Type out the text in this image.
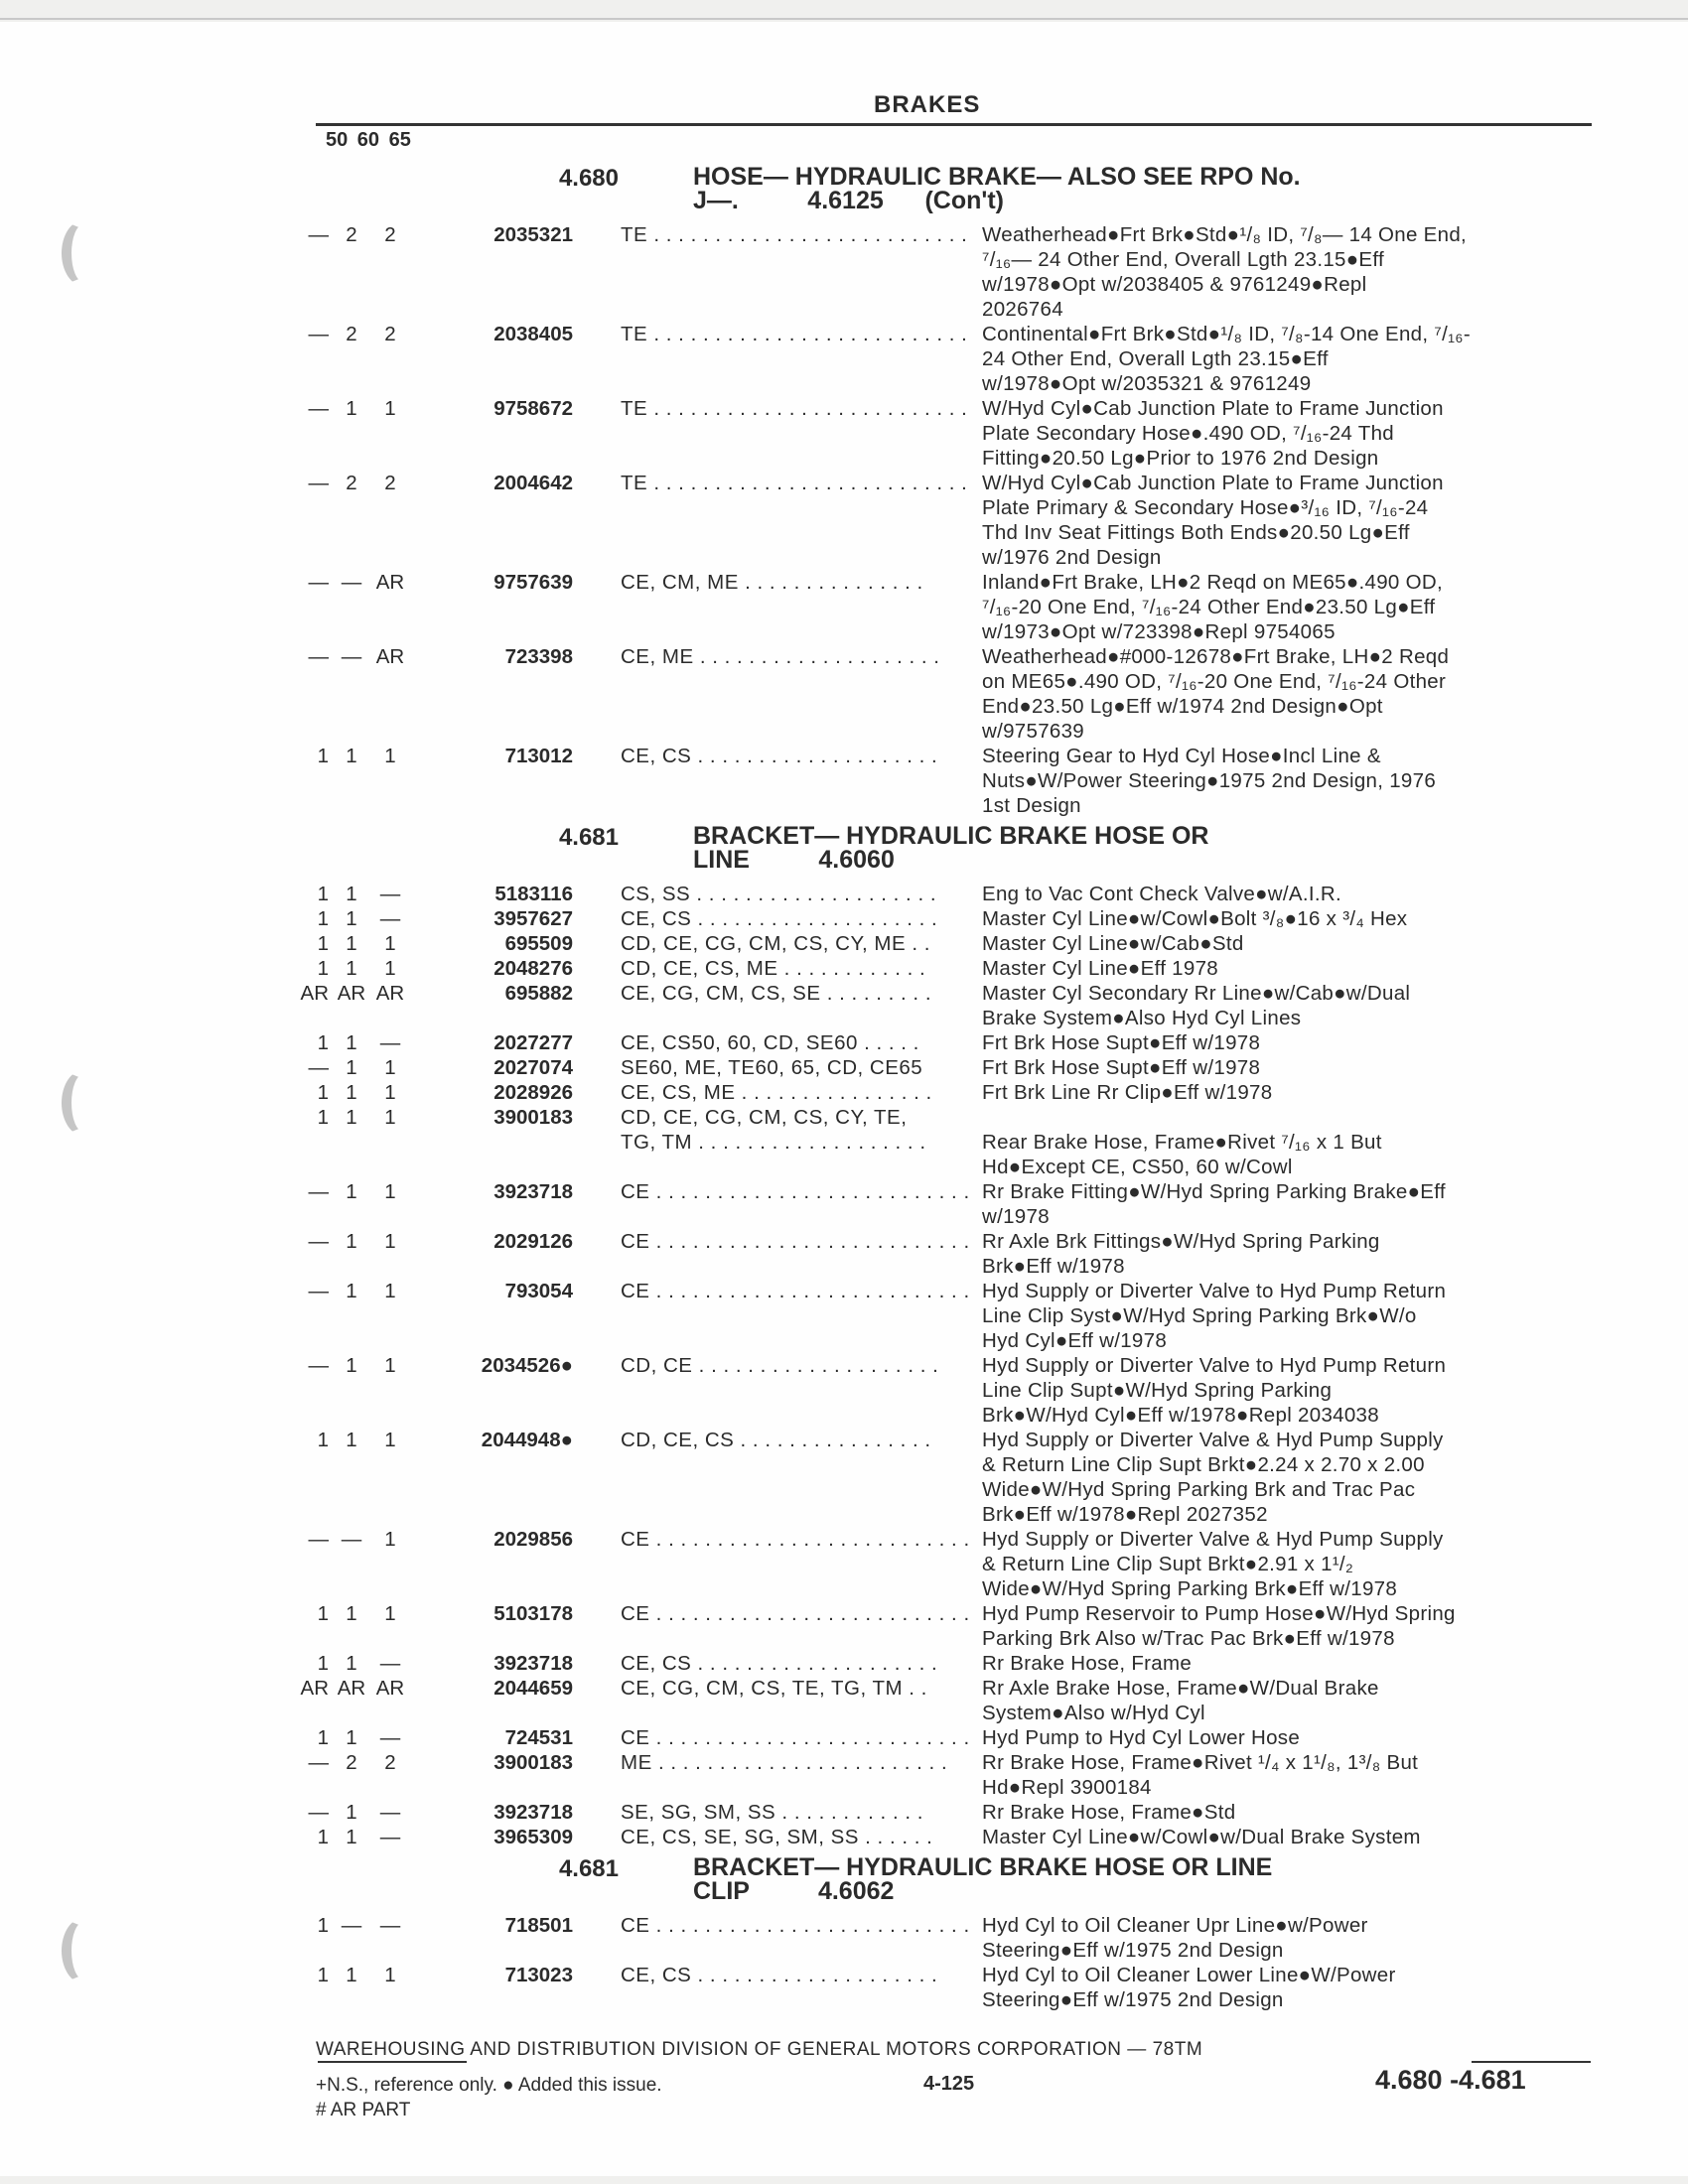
BRAKES
50 60 65
4.680	HOSE— HYDRAULIC BRAKE— ALSO SEE RPO No.
J—.          4.6125      (Con't)
— 2	2	2035321	TE . . . . . . . . . . . . . . . . . . . . . . . . . . Weatherhead●Frt Brk●Std●¹/₈ ID, ⁷/₈— 14 One End,
⁷/₁₆— 24 Other End, Overall Lgth 23.15●Eff
w/1978●Opt w/2038405 & 9761249●Repl
2026764
— 2	2	2038405	TE . . . . . . . . . . . . . . . . . . . . . . . . . . Continental●Frt Brk●Std●¹/₈ ID, ⁷/₈-14 One End, ⁷/₁₆-
24 Other End, Overall Lgth 23.15●Eff
w/1978●Opt w/2035321 & 9761249
— 1	1	9758672	TE . . . . . . . . . . . . . . . . . . . . . . . . . . W/Hyd Cyl●Cab Junction Plate to Frame Junction
Plate Secondary Hose●.490 OD, ⁷/₁₆-24 Thd
Fitting●20.50 Lg●Prior to 1976 2nd Design
— 2	2	2004642	TE . . . . . . . . . . . . . . . . . . . . . . . . . . W/Hyd Cyl●Cab Junction Plate to Frame Junction
Plate Primary & Secondary Hose●³/₁₆ ID, ⁷/₁₆-24
Thd Inv Seat Fittings Both Ends●20.50 Lg●Eff
w/1976 2nd Design
— — AR	9757639	CE, CM, ME . . . . . . . . . . . . . . .	Inland●Frt Brake, LH●2 Reqd on ME65●.490 OD,
⁷/₁₆-20 One End, ⁷/₁₆-24 Other End●23.50 Lg●Eff
w/1973●Opt w/723398●Repl 9754065
— — AR	723398	CE, ME . . . . . . . . . . . . . . . . . . . .	Weatherhead●#000-12678●Frt Brake, LH●2 Reqd
on ME65●.490 OD, ⁷/₁₆-20 One End, ⁷/₁₆-24 Other
End●23.50 Lg●Eff w/1974 2nd Design●Opt
w/9757639
1 1	1	713012	CE, CS . . . . . . . . . . . . . . . . . . . .	Steering Gear to Hyd Cyl Hose●Incl Line &
Nuts●W/Power Steering●1975 2nd Design, 1976
1st Design
4.681	BRACKET— HYDRAULIC BRAKE HOSE OR
LINE          4.6060
1 1	—	5183116	CS, SS . . . . . . . . . . . . . . . . . . . .	Eng to Vac Cont Check Valve●w/A.I.R.
1 1	—	3957627	CE, CS . . . . . . . . . . . . . . . . . . . .	Master Cyl Line●w/Cowl●Bolt ³/₈●16 x ³/₄ Hex
1 1	1	695509	CD, CE, CG, CM, CS, CY, ME . .	Master Cyl Line●w/Cab●Std
1 1	1	2048276	CD, CE, CS, ME . . . . . . . . . . . .	Master Cyl Line●Eff 1978
AR AR AR	695882	CE, CG, CM, CS, SE . . . . . . . . .	Master Cyl Secondary Rr Line●w/Cab●w/Dual
Brake System●Also Hyd Cyl Lines
1 1	—	2027277	CE, CS50, 60, CD, SE60 . . . . .	Frt Brk Hose Supt●Eff w/1978
— 1	1	2027074	SE60, ME, TE60, 65, CD, CE65	Frt Brk Hose Supt●Eff w/1978
1 1	1	2028926	CE, CS, ME . . . . . . . . . . . . . . . .	Frt Brk Line Rr Clip●Eff w/1978
1 1	1	3900183	CD, CE, CG, CM, CS, CY, TE,
TG, TM . . . . . . . . . . . . . . . . . . .	Rear Brake Hose, Frame●Rivet ⁷/₁₆ x 1 But
Hd●Except CE, CS50, 60 w/Cowl
— 1	1	3923718	CE . . . . . . . . . . . . . . . . . . . . . . . . . . Rr Brake Fitting●W/Hyd Spring Parking Brake●Eff
w/1978
— 1	1	2029126	CE . . . . . . . . . . . . . . . . . . . . . . . . . . Rr Axle Brk Fittings●W/Hyd Spring Parking
Brk●Eff w/1978
— 1	1	793054	CE . . . . . . . . . . . . . . . . . . . . . . . . . . Hyd Supply or Diverter Valve to Hyd Pump Return
Line Clip Syst●W/Hyd Spring Parking Brk●W/o
Hyd Cyl●Eff w/1978
— 1	1	2034526●	CD, CE . . . . . . . . . . . . . . . . . . . .	Hyd Supply or Diverter Valve to Hyd Pump Return
Line Clip Supt●W/Hyd Spring Parking
Brk●W/Hyd Cyl●Eff w/1978●Repl 2034038
1 1	1	2044948●	CD, CE, CS . . . . . . . . . . . . . . . .	Hyd Supply or Diverter Valve & Hyd Pump Supply
& Return Line Clip Supt Brkt●2.24 x 2.70 x 2.00
Wide●W/Hyd Spring Parking Brk and Trac Pac
Brk●Eff w/1978●Repl 2027352
— —	1	2029856	CE . . . . . . . . . . . . . . . . . . . . . . . . . . Hyd Supply or Diverter Valve & Hyd Pump Supply
& Return Line Clip Supt Brkt●2.91 x 1¹/₂
Wide●W/Hyd Spring Parking Brk●Eff w/1978
1 1	1	5103178	CE . . . . . . . . . . . . . . . . . . . . . . . . . . Hyd Pump Reservoir to Pump Hose●W/Hyd Spring
Parking Brk Also w/Trac Pac Brk●Eff w/1978
1 1	—	3923718	CE, CS . . . . . . . . . . . . . . . . . . . .	Rr Brake Hose, Frame
AR AR AR	2044659	CE, CG, CM, CS, TE, TG, TM . .	Rr Axle Brake Hose, Frame●W/Dual Brake
System●Also w/Hyd Cyl
1 1	—	724531	CE . . . . . . . . . . . . . . . . . . . . . . . . . . Hyd Pump to Hyd Cyl Lower Hose
— 2	2	3900183	ME . . . . . . . . . . . . . . . . . . . . . . . .	Rr Brake Hose, Frame●Rivet ¹/₄ x 1¹/₈, 1³/₈ But
Hd●Repl 3900184
— 1	—	3923718	SE, SG, SM, SS . . . . . . . . . . . .	Rr Brake Hose, Frame●Std
1 1	—	3965309	CE, CS, SE, SG, SM, SS . . . . . .	Master Cyl Line●w/Cowl●w/Dual Brake System
4.681	BRACKET— HYDRAULIC BRAKE HOSE OR LINE
CLIP          4.6062
1 — —	718501	CE . . . . . . . . . . . . . . . . . . . . . . . . . . Hyd Cyl to Oil Cleaner Upr Line●w/Power
Steering●Eff w/1975 2nd Design
1 1	1	713023	CE, CS . . . . . . . . . . . . . . . . . . . .	Hyd Cyl to Oil Cleaner Lower Line●W/Power
Steering●Eff w/1975 2nd Design
WAREHOUSING AND DISTRIBUTION DIVISION OF GENERAL MOTORS CORPORATION — 78TM
+N.S., reference only. ● Added this issue.
# AR PART
4-125	4.680 -4.681
